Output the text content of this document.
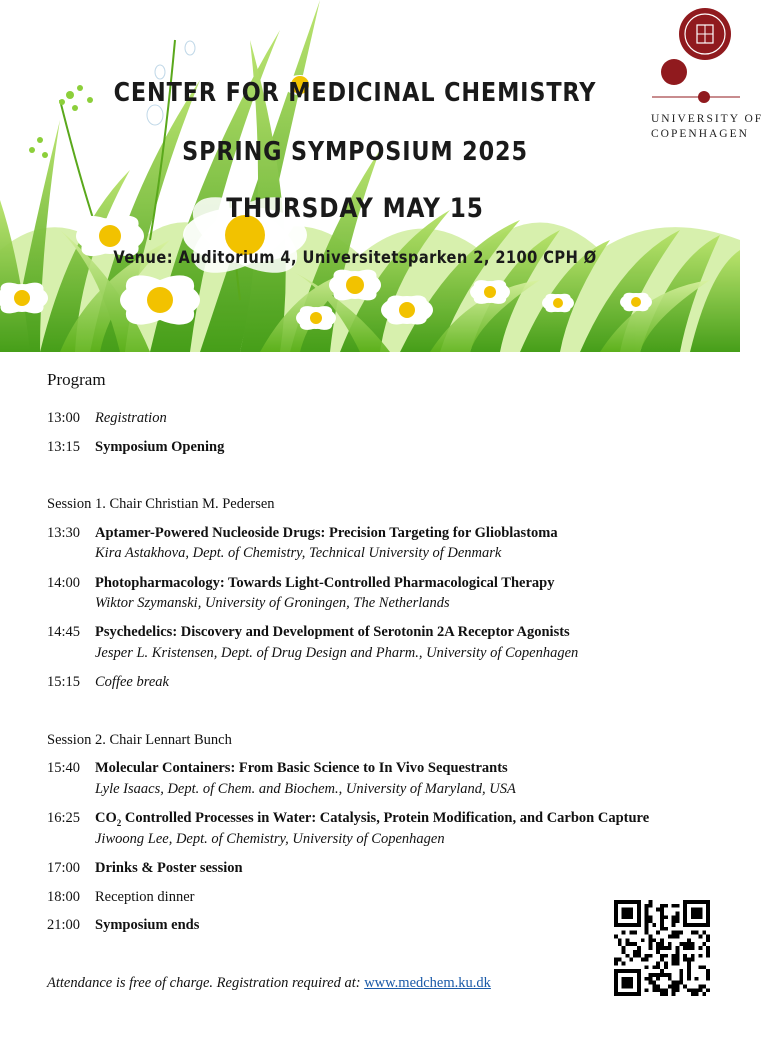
CENTER FOR MEDICINAL CHEMISTRY
SPRING SYMPOSIUM 2025
THURSDAY MAY 15
Venue: Auditorium 4, Universitetsparken 2, 2100 CPH Ø
UNIVERSITY OF
COPENHAGEN
Program
13:00 Registration
13:15 Symposium Opening
Session 1. Chair Christian M. Pedersen
13:30 Aptamer-Powered Nucleoside Drugs: Precision Targeting for Glioblastoma
Kira Astakhova, Dept. of Chemistry, Technical University of Denmark
14:00 Photopharmacology: Towards Light-Controlled Pharmacological Therapy
Wiktor Szymanski, University of Groningen, The Netherlands
14:45 Psychedelics: Discovery and Development of Serotonin 2A Receptor Agonists
Jesper L. Kristensen, Dept. of Drug Design and Pharm., University of Copenhagen
15:15 Coffee break
Session 2. Chair Lennart Bunch
15:40 Molecular Containers: From Basic Science to In Vivo Sequestrants
Lyle Isaacs, Dept. of Chem. and Biochem., University of Maryland, USA
16:25 $CO_2$ Controlled Processes in Water: Catalysis, Protein Modification, and Carbon Capture
Jiwoong Lee, Dept. of Chemistry, University of Copenhagen
17:00 Drinks & Poster session
18:00 Reception dinner
21:00 Symposium ends
Attendance is free of charge. Registration required at: www.medchem.ku.dk
